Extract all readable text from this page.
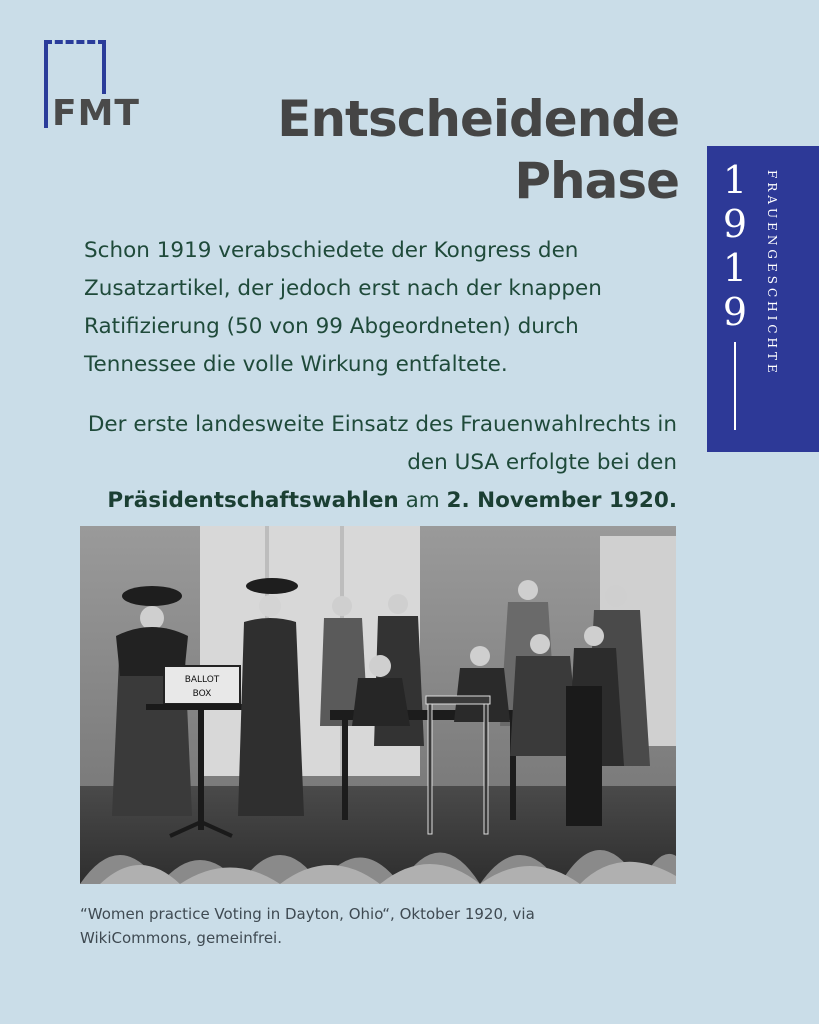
FMT	Entscheidende
Phase
Schon 1919 verabschiedete der Kongress den Zusatzartikel, der jedoch erst nach der knappen Ratifizierung (50 von 99 Abgeordneten) durch Tennessee die volle Wirkung entfaltete.
Der erste landesweite Einsatz des Frauenwahlrechts in den USA erfolgte bei den
Präsidentschaftswahlen am 2. November 1920.
1
9
1
9 FRAUENGESCHICHTE
BALLOT
BOX
“Women practice Voting in Dayton, Ohio“, Oktober 1920, via WikiCommons, gemeinfrei.
